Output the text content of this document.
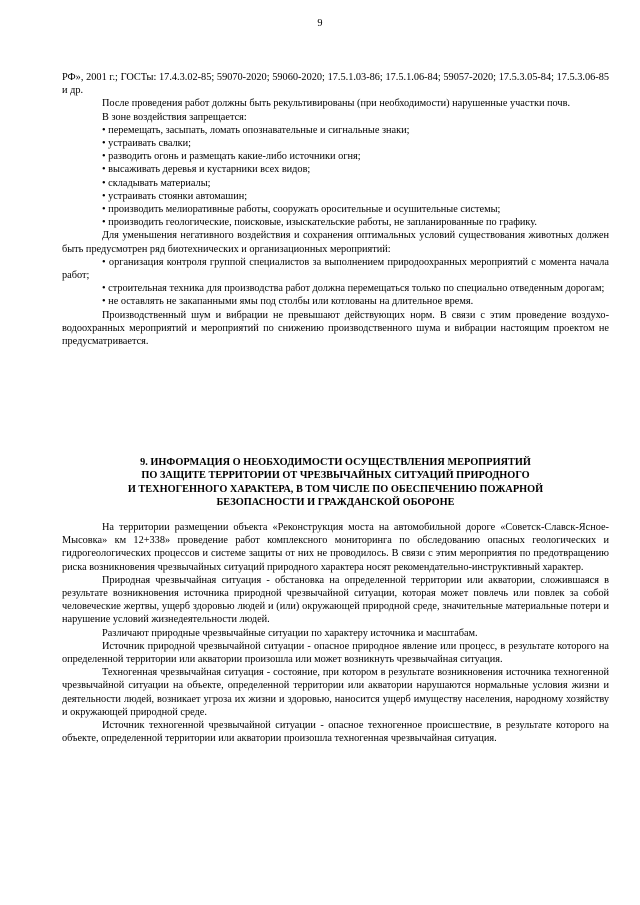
9

РФ», 2001 г.; ГОСТы: 17.4.3.02-85; 59070-2020; 59060-2020; 17.5.1.03-86; 17.5.1.06-84; 59057-2020; 17.5.3.05-84; 17.5.3.06-85 и др.

После проведения работ должны быть рекультивированы (при необходимости) нарушенные участки почв.

В зоне воздействия запрещается:

• перемещать, засыпать, ломать опознавательные и сигнальные знаки;

• устраивать свалки;

• разводить огонь и размещать какие-либо источники огня;

• высаживать деревья и кустарники всех видов;

• складывать материалы;

• устраивать стоянки автомашин;

• производить мелиоративные работы, сооружать оросительные и осушительные системы;

• производить геологические, поисковые, изыскательские работы, не запланированные по графику.

Для уменьшения негативного воздействия и сохранения оптимальных условий существования животных должен быть предусмотрен ряд биотехнических и организационных мероприятий:

• организация контроля группой специалистов за выполнением природоохранных мероприятий с момента начала работ;

• строительная техника для производства работ должна перемещаться только по специально отведенным дорогам;

• не оставлять не закапанными ямы под столбы или котлованы на длительное время.

Производственный шум и вибрации не превышают действующих норм. В связи с этим проведение воздухо-водоохранных мероприятий и мероприятий по снижению производственного шума и вибрации настоящим проектом не предусматривается.

9. ИНФОРМАЦИЯ О НЕОБХОДИМОСТИ ОСУЩЕСТВЛЕНИЯ МЕРОПРИЯТИЙ
ПО ЗАЩИТЕ ТЕРРИТОРИИ ОТ ЧРЕЗВЫЧАЙНЫХ СИТУАЦИЙ ПРИРОДНОГО
И ТЕХНОГЕННОГО ХАРАКТЕРА, В ТОМ ЧИСЛЕ ПО ОБЕСПЕЧЕНИЮ ПОЖАРНОЙ
БЕЗОПАСНОСТИ И ГРАЖДАНСКОЙ ОБОРОНЕ

На территории размещении объекта «Реконструкция моста на автомобильной дороге «Советск-Славск-Ясное-Мысовка» км 12+338» проведение работ комплексного мониторинга по обследованию опасных геологических и гидрогеологических процессов и системе защиты от них не проводилось. В связи с этим мероприятия по предотвращению риска возникновения чрезвычайных ситуаций природного характера носят рекомендательно-инструктивный характер.

Природная чрезвычайная ситуация - обстановка на определенной территории или акватории, сложившаяся в результате возникновения источника природной чрезвычайной ситуации, которая может повлечь или повлек за собой человеческие жертвы, ущерб здоровью людей и (или) окружающей природной среде, значительные материальные потери и нарушение условий жизнедеятельности людей.

Различают природные чрезвычайные ситуации по характеру источника и масштабам.

Источник природной чрезвычайной ситуации - опасное природное явление или процесс, в результате которого на определенной территории или акватории произошла или может возникнуть чрезвычайная ситуация.

Техногенная чрезвычайная ситуация - состояние, при котором в результате возникновения источника техногенной чрезвычайной ситуации на объекте, определенной территории или акватории нарушаются нормальные условия жизни и деятельности людей, возникает угроза их жизни и здоровью, наносится ущерб имуществу населения, народному хозяйству и окружающей природной среде.

Источник техногенной чрезвычайной ситуации - опасное техногенное происшествие, в результате которого на объекте, определенной территории или акватории произошла техногенная чрезвычайная ситуация.
